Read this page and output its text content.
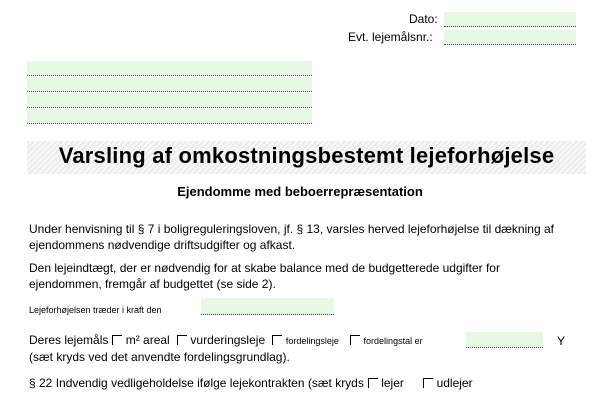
Dato:
Evt. lejemålsnr.:
Varsling af omkostningsbestemt lejeforhøjelse
Ejendomme med beboerrepræsentation
Under henvisning til § 7 i boligreguleringsloven, jf. § 13, varsles herved lejeforhøjelse til dækning af ejendommens nødvendige driftsudgifter og afkast.
Den lejeindtægt, der er nødvendig for at skabe balance med de budgetterede udgifter for ejendommen, fremgår af budgettet (se side 2).
Lejeforhøjelsen træder i kraft den
Deres lejemåls m² areal vurderingsleje fordelingsleje	fordelingstal er	Y
(sæt kryds ved det anvendte fordelingsgrundlag).
§ 22 Indvendig vedligeholdelse ifølge lejekontrakten (sæt kryds lejer	udlejer
